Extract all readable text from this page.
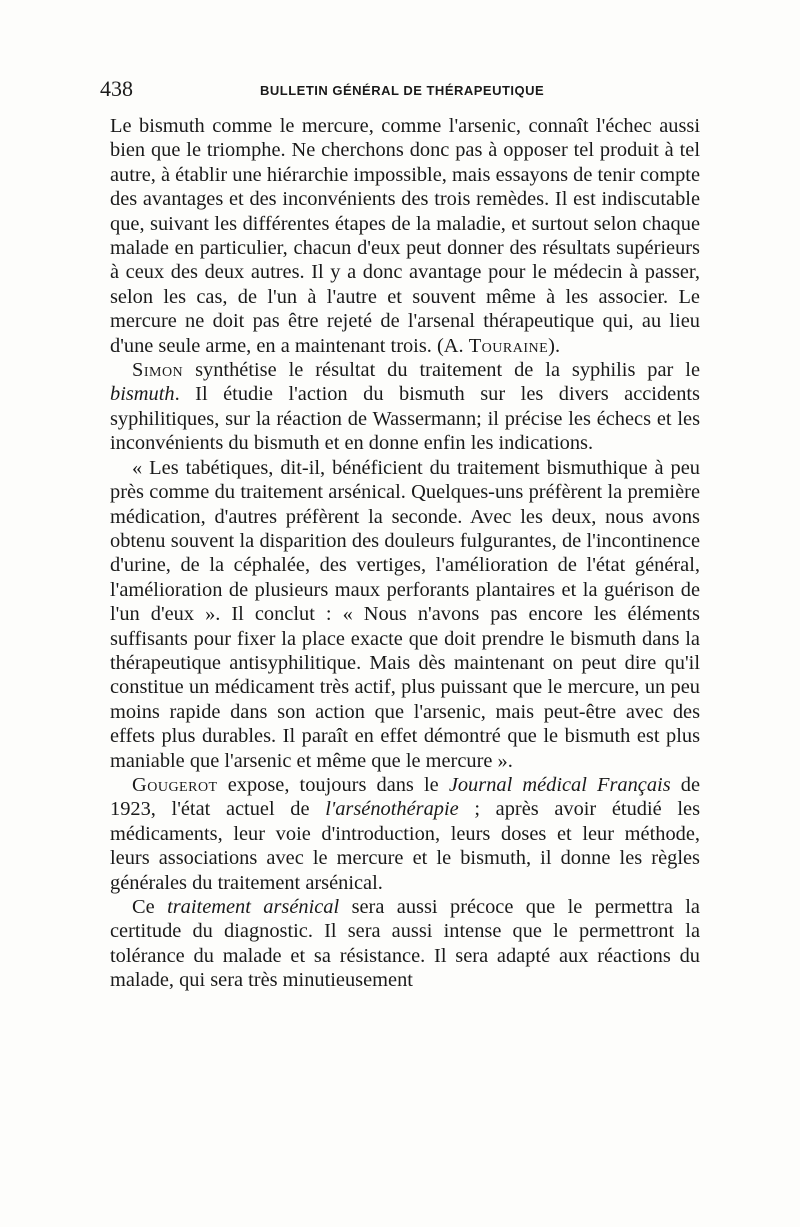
438	BULLETIN GÉNÉRAL DE THÉRAPEUTIQUE

Le bismuth comme le mercure, comme l'arsenic, connaît l'échec aussi bien que le triomphe. Ne cherchons donc pas à opposer tel produit à tel autre, à établir une hiérarchie impossible, mais essayons de tenir compte des avantages et des inconvénients des trois remèdes. Il est indiscutable que, suivant les différentes étapes de la maladie, et surtout selon chaque malade en particulier, chacun d'eux peut donner des résultats supérieurs à ceux des deux autres. Il y a donc avantage pour le médecin à passer, selon les cas, de l'un à l'autre et souvent même à les associer. Le mercure ne doit pas être rejeté de l'arsenal thérapeutique qui, au lieu d'une seule arme, en a maintenant trois. (A. Touraine).

Simon synthétise le résultat du traitement de la syphilis par le bismuth. Il étudie l'action du bismuth sur les divers accidents syphilitiques, sur la réaction de Wassermann; il précise les échecs et les inconvénients du bismuth et en donne enfin les indications.

« Les tabétiques, dit-il, bénéficient du traitement bismuthique à peu près comme du traitement arsénical. Quelques-uns préfèrent la première médication, d'autres préfèrent la seconde. Avec les deux, nous avons obtenu souvent la disparition des douleurs fulgurantes, de l'incontinence d'urine, de la céphalée, des vertiges, l'amélioration de l'état général, l'amélioration de plusieurs maux perforants plantaires et la guérison de l'un d'eux ». Il conclut : « Nous n'avons pas encore les éléments suffisants pour fixer la place exacte que doit prendre le bismuth dans la thérapeutique antisyphilitique. Mais dès maintenant on peut dire qu'il constitue un médicament très actif, plus puissant que le mercure, un peu moins rapide dans son action que l'arsenic, mais peut-être avec des effets plus durables. Il paraît en effet démontré que le bismuth est plus maniable que l'arsenic et même que le mercure ».

Gougerot expose, toujours dans le Journal médical Français de 1923, l'état actuel de l'arsénothérapie ; après avoir étudié les médicaments, leur voie d'introduction, leurs doses et leur méthode, leurs associations avec le mercure et le bismuth, il donne les règles générales du traitement arsénical.

Ce traitement arsénical sera aussi précoce que le permettra la certitude du diagnostic. Il sera aussi intense que le permettront la tolérance du malade et sa résistance. Il sera adapté aux réactions du malade, qui sera très minutieusement
